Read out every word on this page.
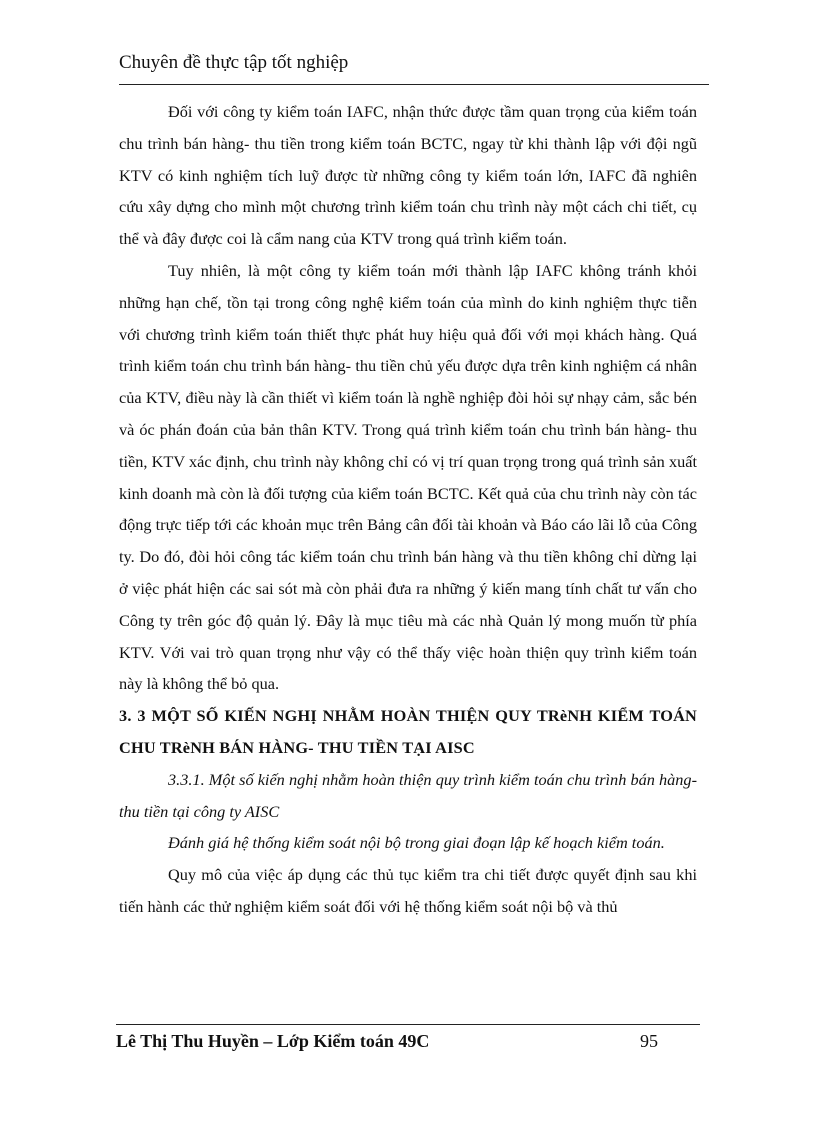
Chuyên đề thực tập tốt nghiệp

Đối với công ty kiểm toán IAFC, nhận thức được tầm quan trọng của kiểm toán chu trình bán hàng- thu tiền trong kiểm toán BCTC, ngay từ khi thành lập với đội ngũ KTV có kinh nghiệm tích luỹ được từ những công ty kiểm toán lớn, IAFC đã nghiên cứu xây dựng cho mình một chương trình kiểm toán chu trình này một cách chi tiết, cụ thể và đây được coi là cẩm nang của KTV trong quá trình kiểm toán.

Tuy nhiên, là một công ty kiểm toán mới thành lập IAFC không tránh khỏi những hạn chế, tồn tại trong công nghệ kiểm toán của mình do kinh nghiệm thực tiễn với chương trình kiểm toán thiết thực phát huy hiệu quả đối với mọi khách hàng. Quá trình kiểm toán chu trình bán hàng- thu tiền chủ yếu được dựa trên kinh nghiệm cá nhân của KTV, điều này là cần thiết vì kiểm toán là nghề nghiệp đòi hỏi sự nhạy cảm, sắc bén và óc phán đoán của bản thân KTV. Trong quá trình kiểm toán chu trình bán hàng- thu tiền, KTV xác định, chu trình này không chỉ có vị trí quan trọng trong quá trình sản xuất kinh doanh mà còn là đối tượng của kiểm toán BCTC. Kết quả của chu trình này còn tác động trực tiếp tới các khoản mục trên Bảng cân đối tài khoản và Báo cáo lãi lỗ của Công ty. Do đó, đòi hỏi công tác kiểm toán chu trình bán hàng và thu tiền không chỉ dừng lại ở việc phát hiện các sai sót mà còn phải đưa ra những ý kiến mang tính chất tư vấn cho Công ty trên góc độ quản lý. Đây là mục tiêu mà các nhà Quản lý mong muốn từ phía KTV. Với vai trò quan trọng như vậy có thể thấy việc hoàn thiện quy trình kiểm toán này là không thể bỏ qua.

3. 3 MỘT SỐ KIẾN NGHỊ NHẰM HOÀN THIỆN QUY TRèNH KIỂM TOÁN CHU TRèNH BÁN HÀNG- THU TIỀN TẠI AISC

3.3.1. Một số kiến nghị nhằm hoàn thiện quy trình kiểm toán chu trình bán hàng- thu tiền tại công ty AISC

Đánh giá hệ thống kiểm soát nội bộ trong giai đoạn lập kế hoạch kiểm toán.

Quy mô của việc áp dụng các thủ tục kiểm tra chi tiết được quyết định sau khi tiến hành các thử nghiệm kiểm soát đối với hệ thống kiểm soát nội bộ và thủ

Lê Thị Thu Huyền – Lớp Kiểm toán 49C	95
